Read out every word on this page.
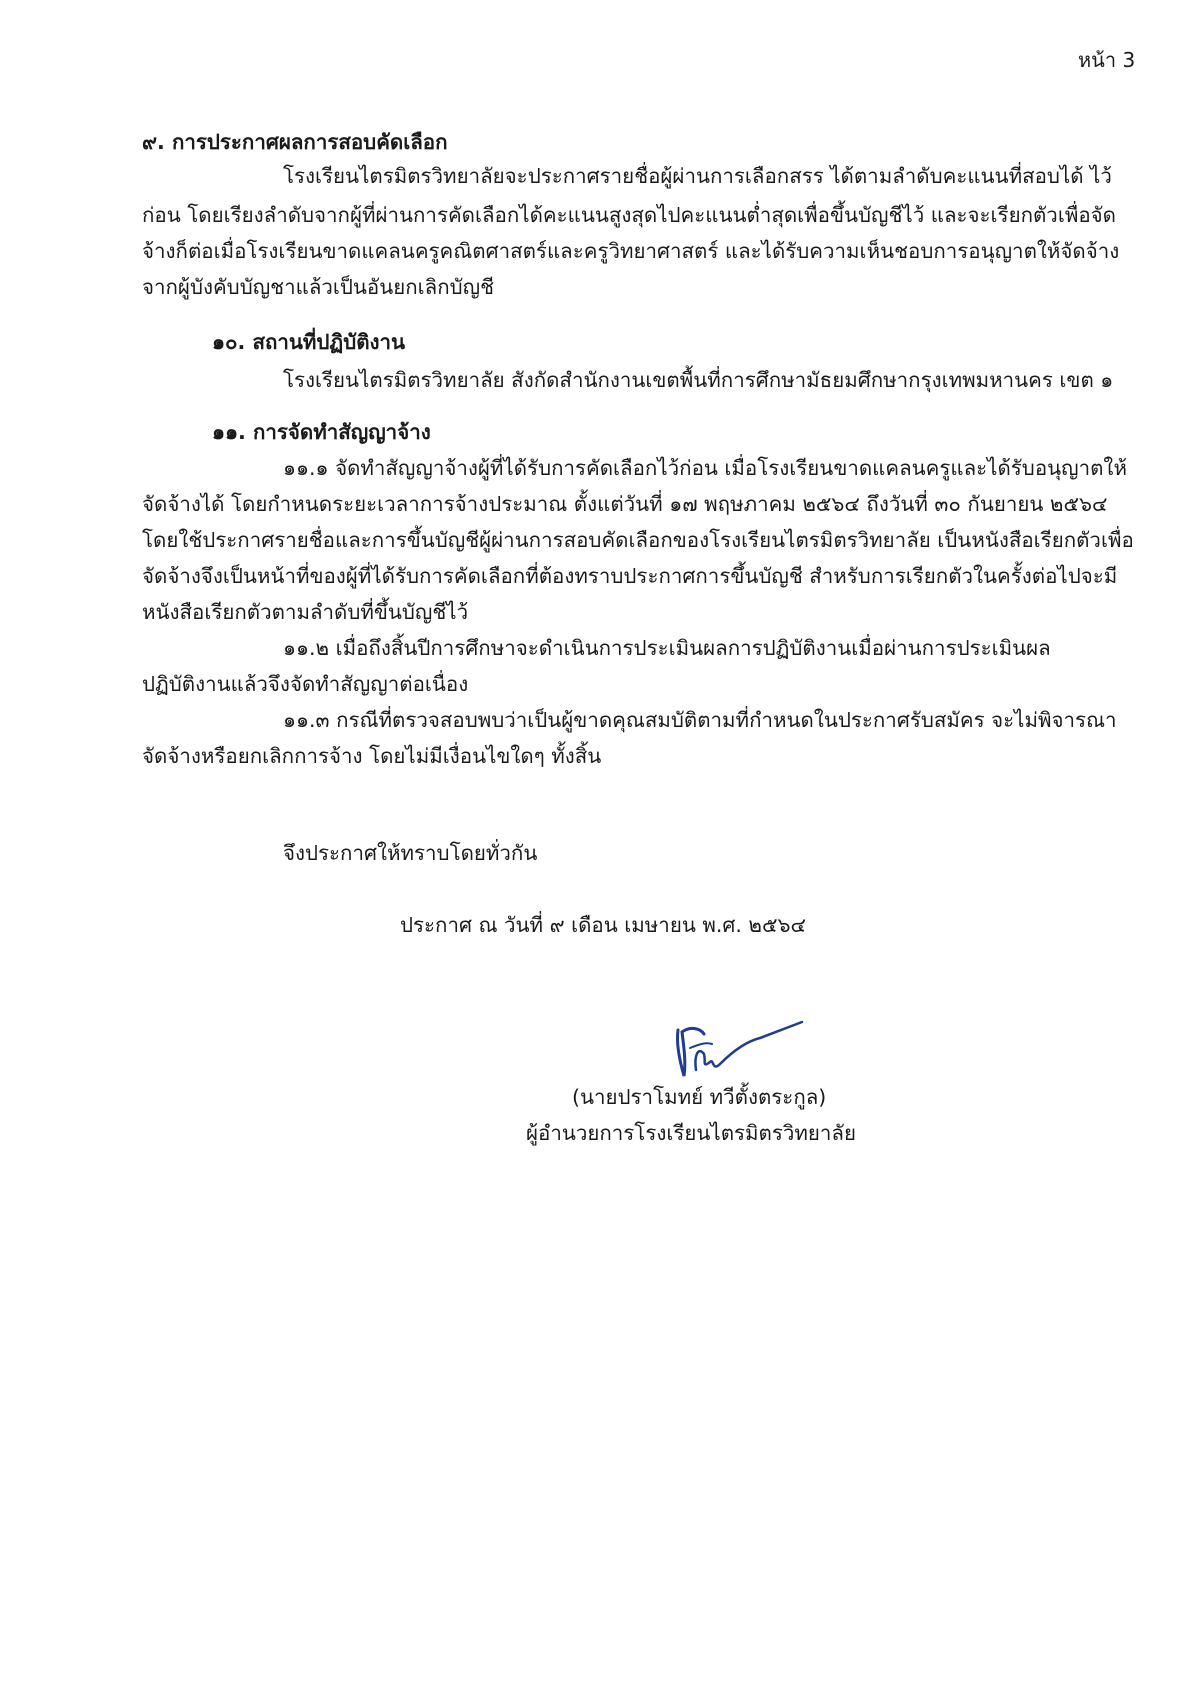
หน้า 3
๙. การประกาศผลการสอบคัดเลือก
โรงเรียนไตรมิตรวิทยาลัยจะประกาศรายชื่อผู้ผ่านการเลือกสรร ได้ตามลำดับคะแนนที่สอบได้ ไว้
ก่อน โดยเรียงลำดับจากผู้ที่ผ่านการคัดเลือกได้คะแนนสูงสุดไปคะแนนต่ำสุดเพื่อขึ้นบัญชีไว้ และจะเรียกตัวเพื่อจัด
จ้างก็ต่อเมื่อโรงเรียนขาดแคลนครูคณิตศาสตร์และครูวิทยาศาสตร์ และได้รับความเห็นชอบการอนุญาตให้จัดจ้าง
จากผู้บังคับบัญชาแล้วเป็นอันยกเลิกบัญชี
๑๐. สถานที่ปฏิบัติงาน
โรงเรียนไตรมิตรวิทยาลัย สังกัดสำนักงานเขตพื้นที่การศึกษามัธยมศึกษากรุงเทพมหานคร เขต ๑
๑๑. การจัดทำสัญญาจ้าง
๑๑.๑ จัดทำสัญญาจ้างผู้ที่ได้รับการคัดเลือกไว้ก่อน เมื่อโรงเรียนขาดแคลนครูและได้รับอนุญาตให้
จัดจ้างได้ โดยกำหนดระยะเวลาการจ้างประมาณ ตั้งแต่วันที่ ๑๗ พฤษภาคม ๒๕๖๔ ถึงวันที่ ๓๐ กันยายน ๒๕๖๔
โดยใช้ประกาศรายชื่อและการขึ้นบัญชีผู้ผ่านการสอบคัดเลือกของโรงเรียนไตรมิตรวิทยาลัย เป็นหนังสือเรียกตัวเพื่อ
จัดจ้างจึงเป็นหน้าที่ของผู้ที่ได้รับการคัดเลือกที่ต้องทราบประกาศการขึ้นบัญชี สำหรับการเรียกตัวในครั้งต่อไปจะมี
หนังสือเรียกตัวตามลำดับที่ขึ้นบัญชีไว้
๑๑.๒ เมื่อถึงสิ้นปีการศึกษาจะดำเนินการประเมินผลการปฏิบัติงานเมื่อผ่านการประเมินผล
ปฏิบัติงานแล้วจึงจัดทำสัญญาต่อเนื่อง
๑๑.๓ กรณีที่ตรวจสอบพบว่าเป็นผู้ขาดคุณสมบัติตามที่กำหนดในประกาศรับสมัคร จะไม่พิจารณา
จัดจ้างหรือยกเลิกการจ้าง โดยไม่มีเงื่อนไขใดๆ ทั้งสิ้น
จึงประกาศให้ทราบโดยทั่วกัน
ประกาศ ณ วันที่ ๙ เดือน เมษายน พ.ศ. ๒๕๖๔
(นายปราโมทย์ ทวีตั้งตระกูล)
ผู้อำนวยการโรงเรียนไตรมิตรวิทยาลัย
